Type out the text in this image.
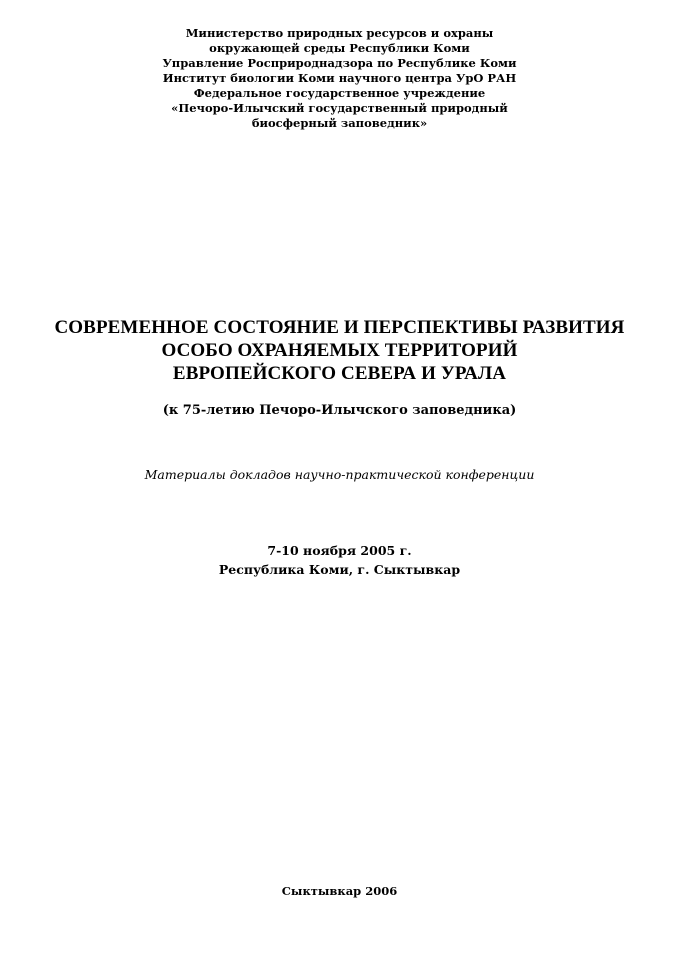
Министерство природных ресурсов и охраны
окружающей среды Республики Коми
Управление Росприроднадзора по Республике Коми
Институт биологии Коми научного центра УрО РАН
Федеральное государственное учреждение
«Печоро-Илычский государственный природный
биосферный заповедник»
СОВРЕМЕННОЕ СОСТОЯНИЕ И ПЕРСПЕКТИВЫ РАЗВИТИЯ
ОСОБО ОХРАНЯЕМЫХ ТЕРРИТОРИЙ
ЕВРОПЕЙСКОГО СЕВЕРА И УРАЛА
(к 75-летию Печоро-Илычского заповедника)
Материалы докладов научно-практической конференции
7-10 ноября 2005 г.
Республика Коми, г. Сыктывкар
Сыктывкар 2006
